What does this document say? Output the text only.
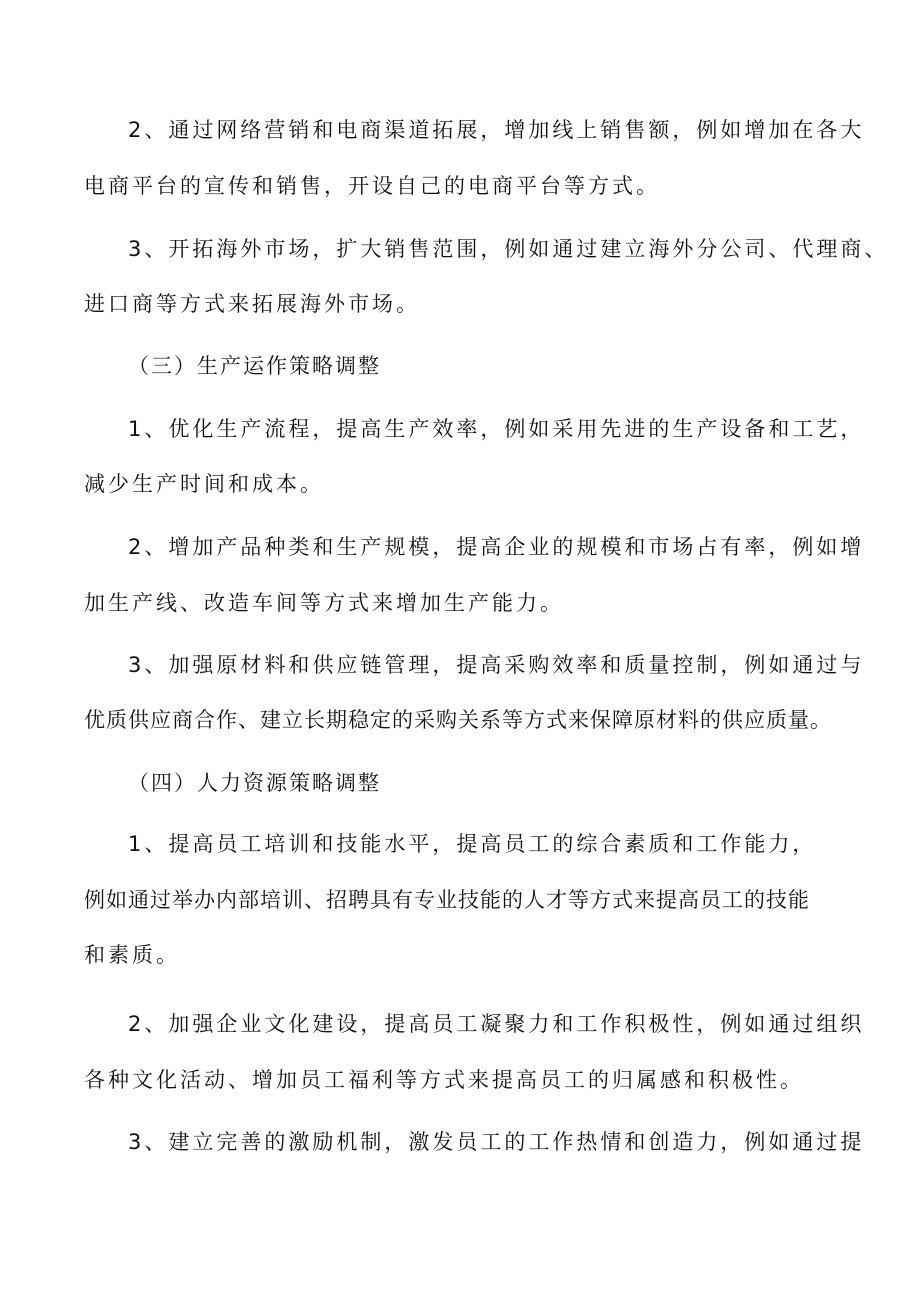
2、通过网络营销和电商渠道拓展，增加线上销售额，例如增加在各大
电商平台的宣传和销售，开设自己的电商平台等方式。
3、开拓海外市场，扩大销售范围，例如通过建立海外分公司、代理商、
进口商等方式来拓展海外市场。
（三）生产运作策略调整
1、优化生产流程，提高生产效率，例如采用先进的生产设备和工艺，
减少生产时间和成本。
2、增加产品种类和生产规模，提高企业的规模和市场占有率，例如增
加生产线、改造车间等方式来增加生产能力。
3、加强原材料和供应链管理，提高采购效率和质量控制，例如通过与
优质供应商合作、建立长期稳定的采购关系等方式来保障原材料的供应质量。
（四）人力资源策略调整
1、提高员工培训和技能水平，提高员工的综合素质和工作能力，
例如通过举办内部培训、招聘具有专业技能的人才等方式来提高员工的技能
和素质。
2、加强企业文化建设，提高员工凝聚力和工作积极性，例如通过组织
各种文化活动、增加员工福利等方式来提高员工的归属感和积极性。
3、建立完善的激励机制，激发员工的工作热情和创造力，例如通过提
